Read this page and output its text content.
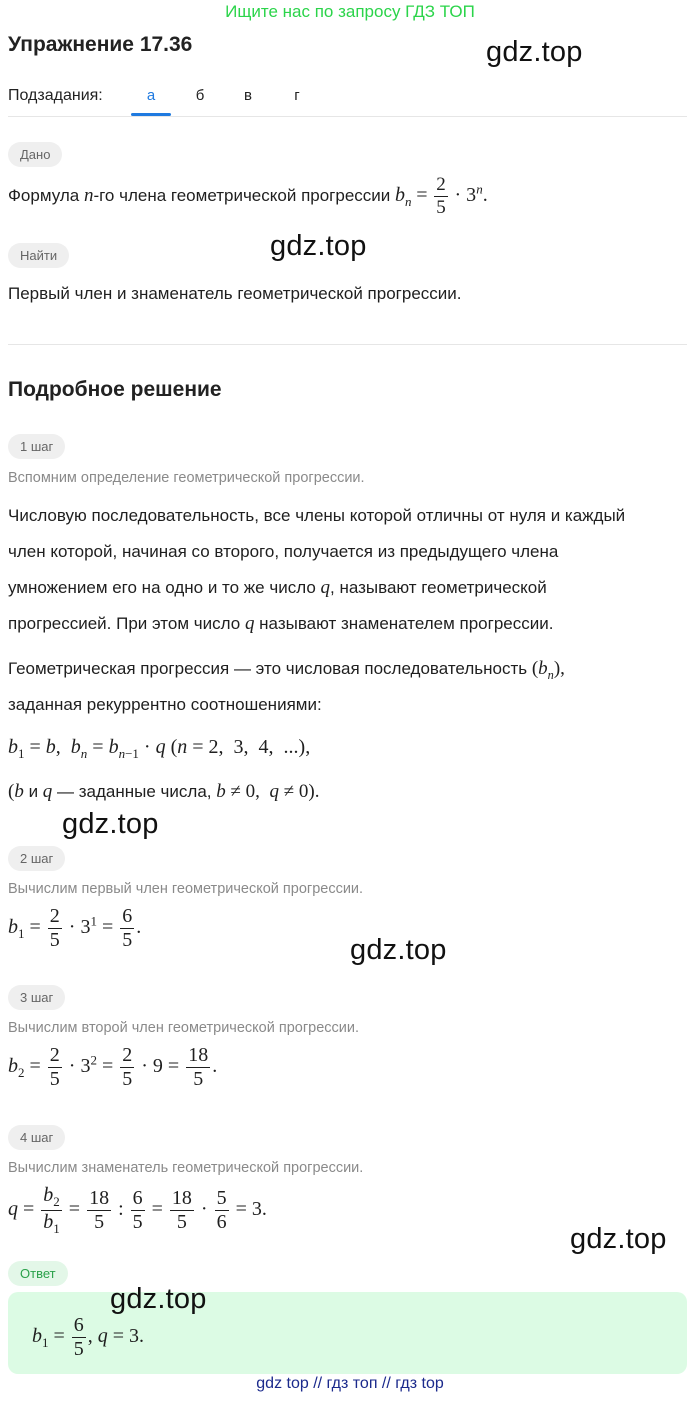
Ищите нас по запросу ГДЗ ТОП
Упражнение 17.36	gdz.top
Подзадания:	а	б	в	г
Дано
Формула n-го члена геометрической прогрессии $b_n = \frac{2}{5} \cdot 3^n$.
Найти	gdz.top
Первый член и знаменатель геометрической прогрессии.
Подробное решение
1 шаг
Вспомним определение геометрической прогрессии.
Числовую последовательность, все члены которой отличны от нуля и каждый
член которой, начиная со второго, получается из предыдущего члена
умножением его на одно и то же число q, называют геометрической
прогрессией. При этом число q называют знаменателем прогрессии.
Геометрическая прогрессия — это числовая последовательность $(b_n)$,
заданная рекуррентно соотношениями:
$b_1 = b$,  $b_n = b_{n-1} \cdot q$ (n = 2,  3,  4,  ...),
(b и q — заданные числа, b ≠ 0,  q ≠ 0).
gdz.top
2 шаг
Вычислим первый член геометрической прогрессии.
$b_1 = \frac{2}{5} \cdot 3^1 = \frac{6}{5}$ .
gdz.top
3 шаг
Вычислим второй член геометрической прогрессии.
$b_2 = \frac{2}{5} \cdot 3^2 = \frac{2}{5} \cdot 9 = \frac{18}{5}$ .
4 шаг
Вычислим знаменатель геометрической прогрессии.
$q = \frac{b_2}{b_1} = \frac{18}{5}$ : $\frac{6}{5} = \frac{18}{5} \cdot \frac{5}{6} = 3$.
gdz.top
Ответ
gdz.top
$b_1 = \frac{6}{5}$ , q = 3.
gdz top // гдз топ // гдз top
